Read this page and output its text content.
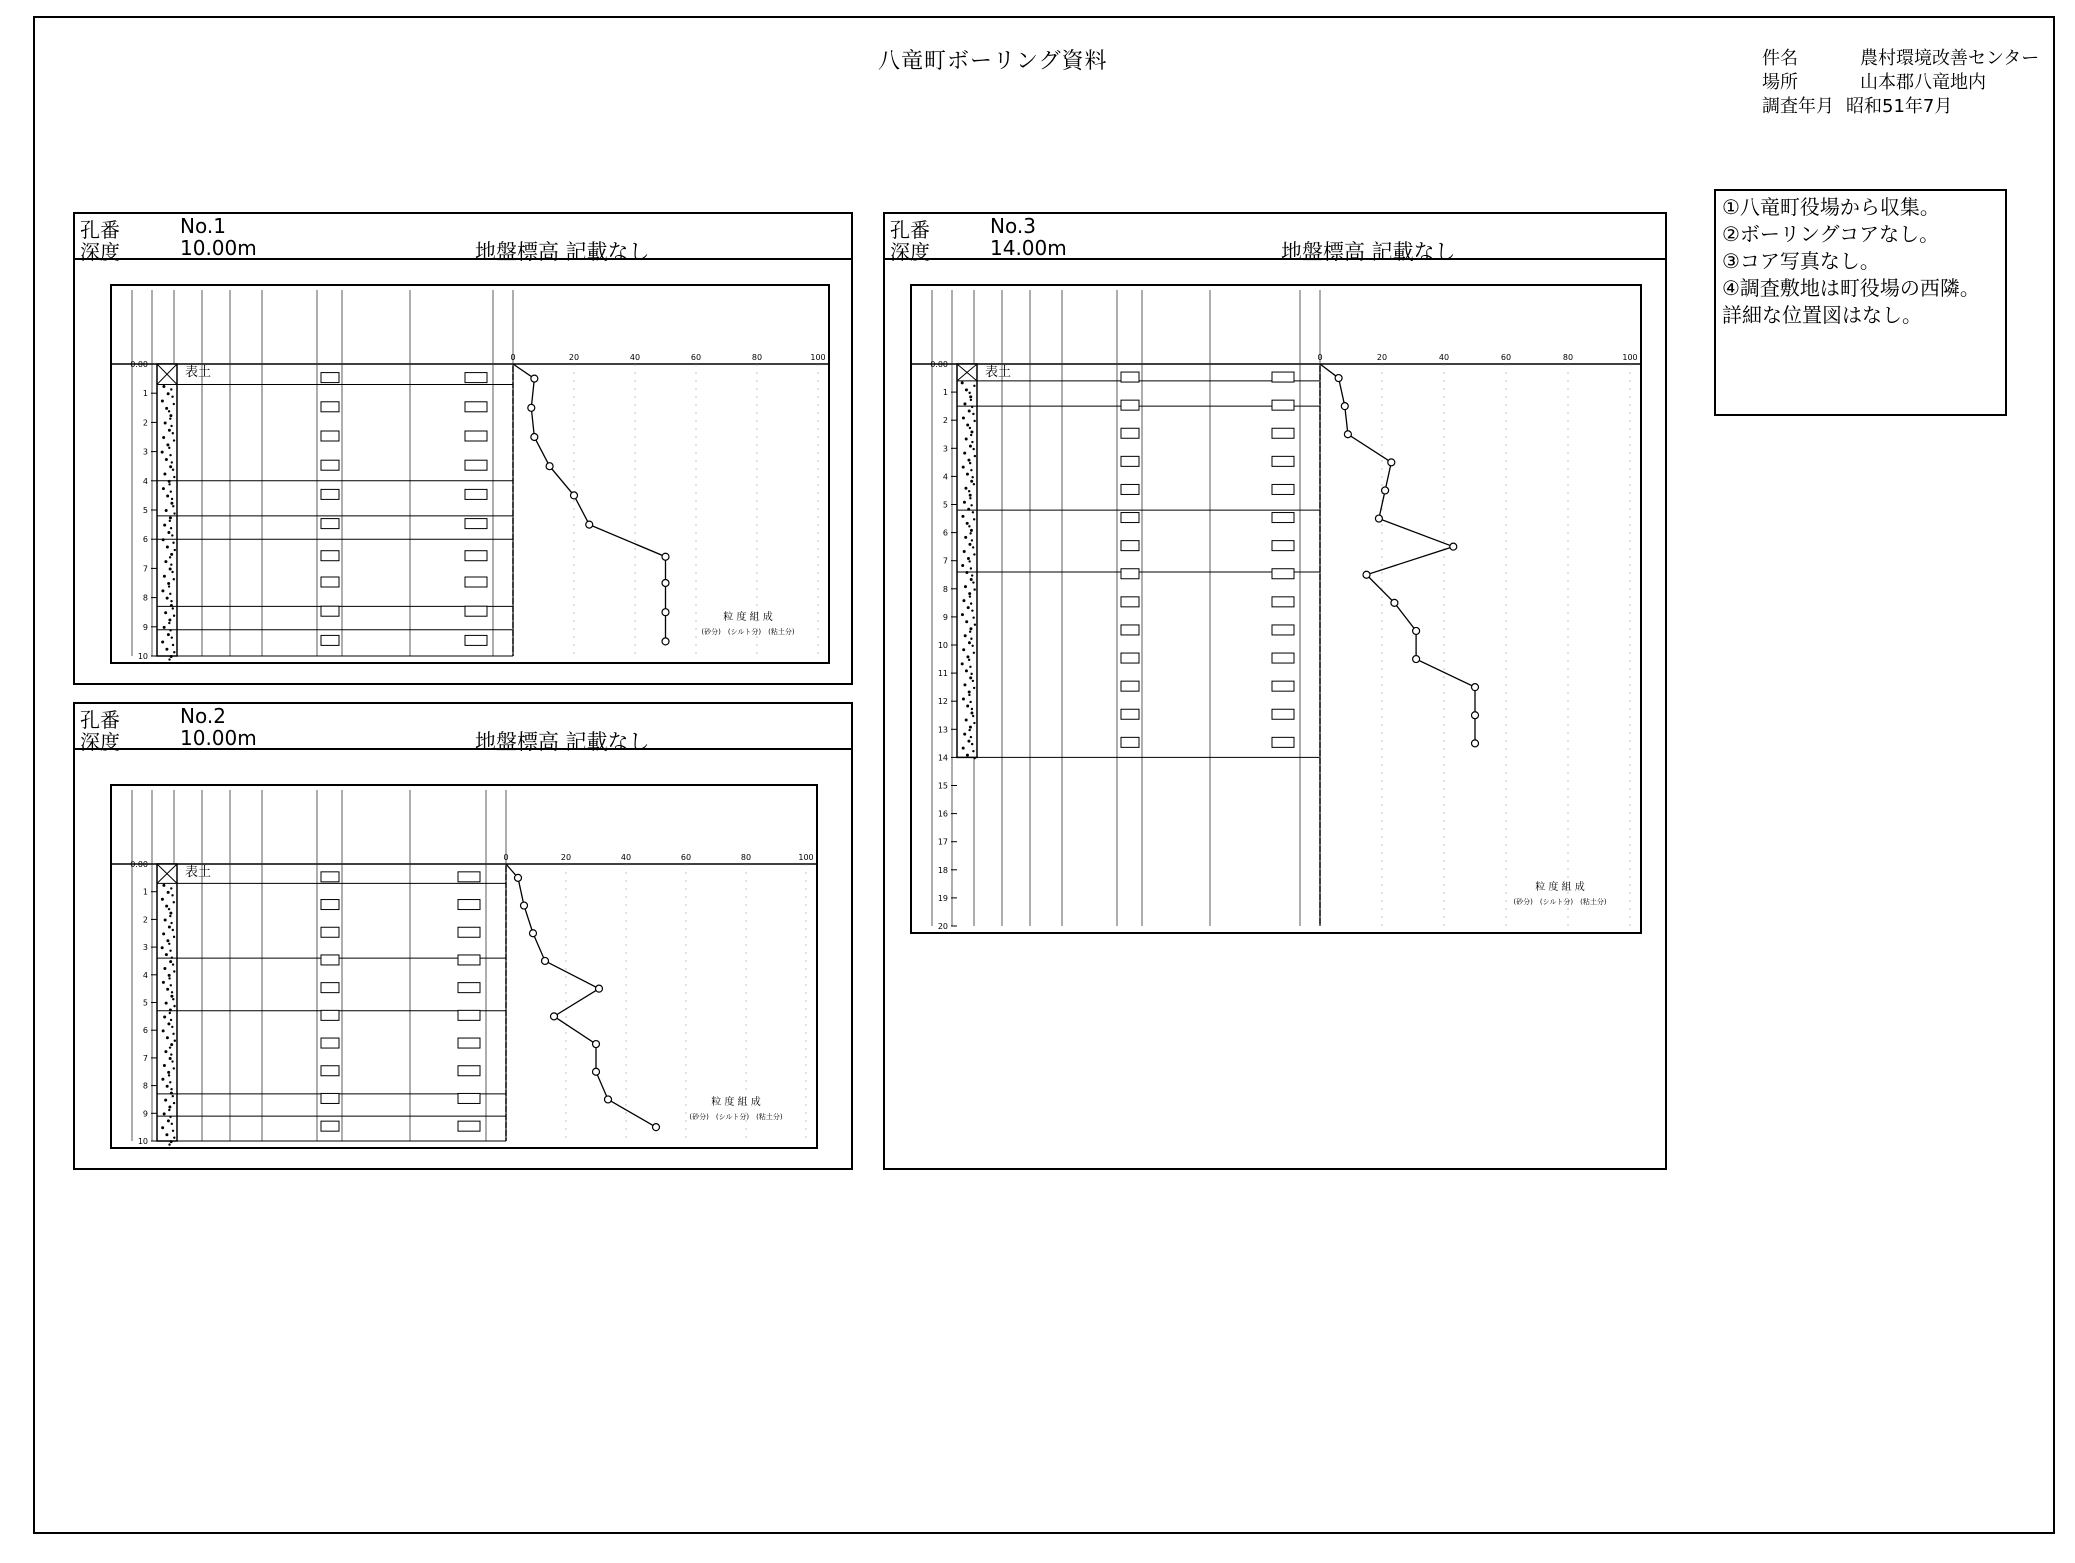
八竜町ボーリング資料	件名	農村環境改善センター
場所	山本郡八竜地内
調査年月 昭和51年7月
①八竜町役場から収集。
②ボーリングコアなし。
③コア写真なし。
④調査敷地は町役場の西隣。
詳細な位置図はなし。
孔番	No.1
深度	10.00m	地盤標高 記載なし
0.00
1
2
3
4
5
6
7
8
9
10
表土
0	20	40	60	80	100
粒 度 組 成
(砂分)　(シルト分)　(粘土分)
孔番	No.2
深度	10.00m	地盤標高 記載なし
0.00
1
2
3
4
5
6
7
8
9
10
表土
0	20	40	60	80	100
粒 度 組 成
(砂分)　(シルト分)　(粘土分)
孔番	No.3
深度	14.00m	地盤標高 記載なし
0.00
1
2
3
4
5
6
7
8
9
10
11
12
13
14
15
16
17
18
19
20
表土
0	20	40	60	80	100
粒 度 組 成
(砂分)　(シルト分)　(粘土分)
